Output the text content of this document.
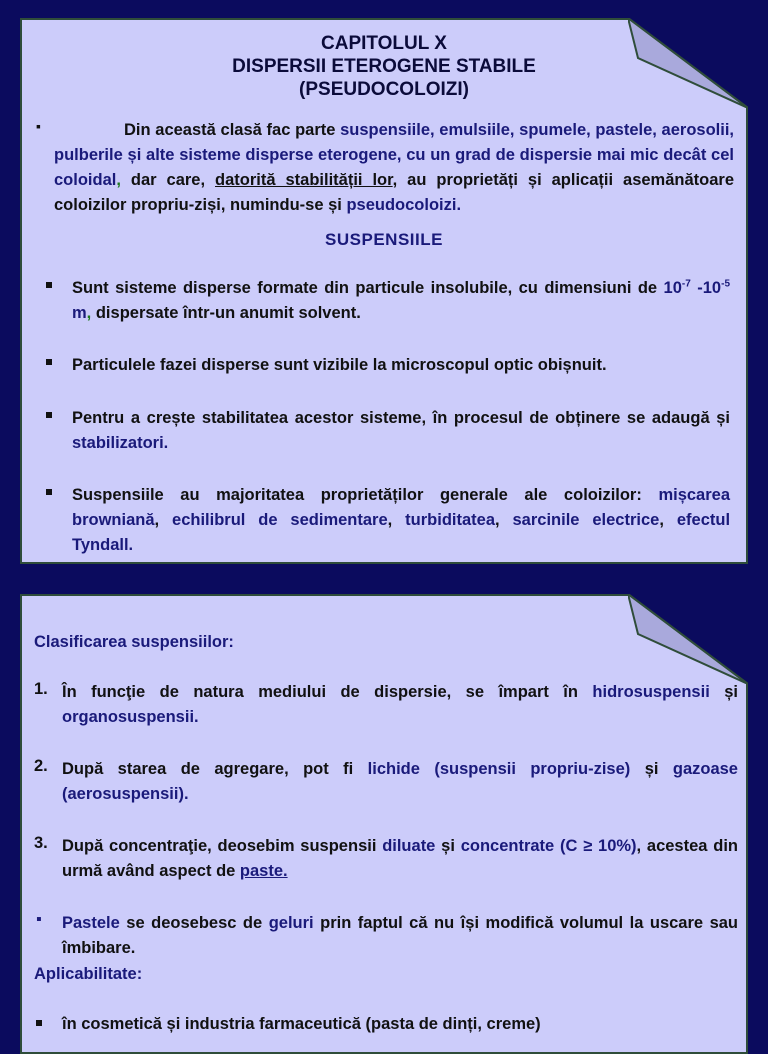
CAPITOLUL X
DISPERSII ETEROGENE STABILE
(PSEUDOCOLOIZI)
▪	Din această clasă fac parte suspensiile, emulsiile, spumele, pastele, aerosolii, pulberile și alte sisteme disperse eterogene, cu un grad de dispersie mai mic decât cel coloidal, dar care, datorită stabilității lor, au proprietăți și aplicații asemănătoare coloizilor propriu-ziși, numindu-se și pseudocoloizi.
SUSPENSIILE
Sunt sisteme disperse formate din particule insolubile, cu dimensiuni de $10^{-7}$ $-10^{-5}$ m, dispersate într-un anumit solvent.
Particulele fazei disperse sunt vizibile la microscopul optic obișnuit.
Pentru a crește stabilitatea acestor sisteme, în procesul de obținere se adaugă și stabilizatori.
Suspensiile au majoritatea proprietăților generale ale coloizilor: mișcarea browniană, echilibrul de sedimentare, turbiditatea, sarcinile electrice, efectul Tyndall.
Clasificarea suspensiilor:
1. În funcţie de natura mediului de dispersie, se împart în hidrosuspensii și organosuspensii.
2. După starea de agregare, pot fi lichide (suspensii propriu-zise) și gazoase (aerosuspensii).
3. După concentraţie, deosebim suspensii diluate și concentrate (C ≥ 10%), acestea din urmă având aspect de paste.
▪ Pastele se deosebesc de geluri prin faptul că nu își modifică volumul la uscare sau îmbibare.
Aplicabilitate:
în cosmetică și industria farmaceutică (pasta de dinți, creme)
